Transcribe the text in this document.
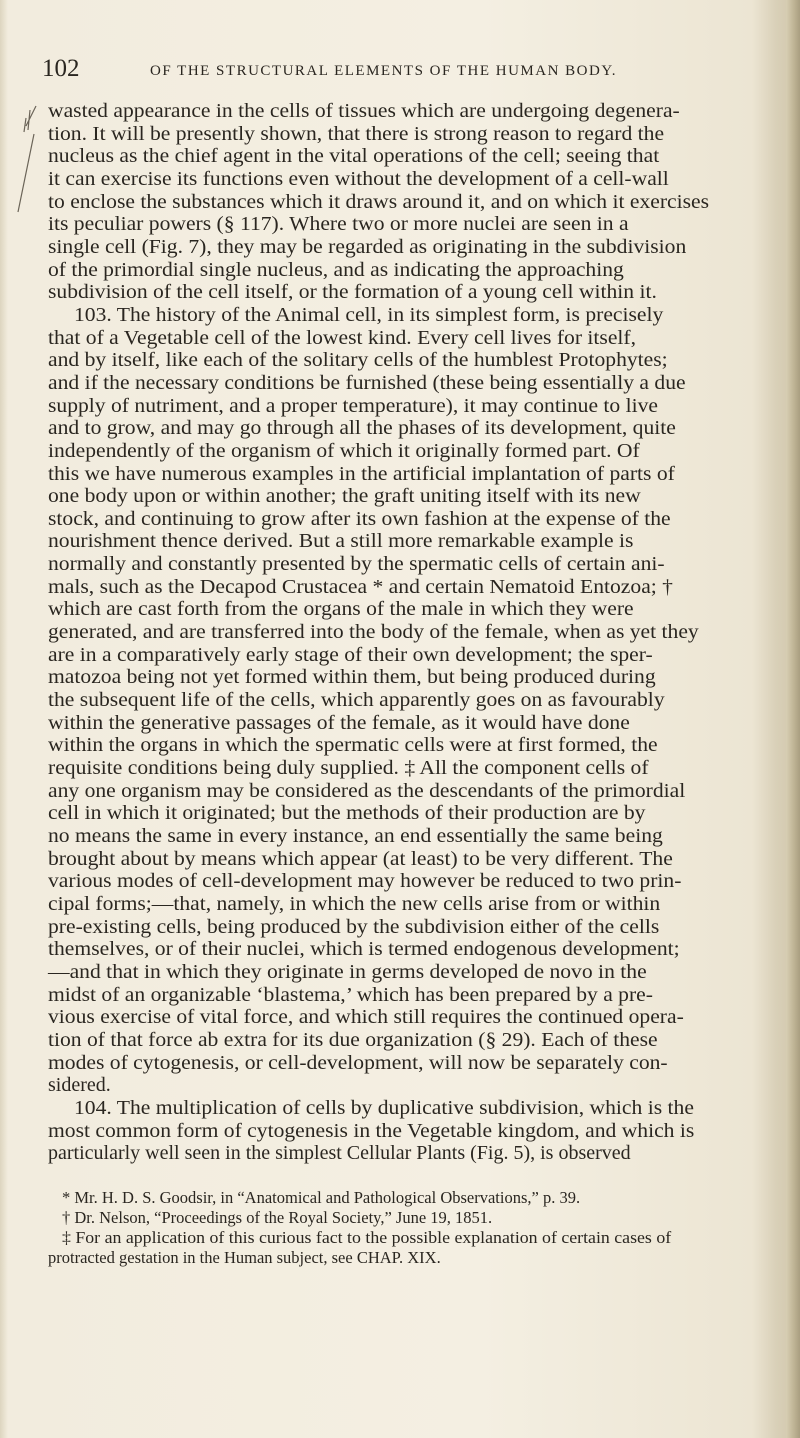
102	OF THE STRUCTURAL ELEMENTS OF THE HUMAN BODY.
wasted appearance in the cells of tissues which are undergoing degenera-
tion. It will be presently shown, that there is strong reason to regard the
nucleus as the chief agent in the vital operations of the cell; seeing that
it can exercise its functions even without the development of a cell-wall
to enclose the substances which it draws around it, and on which it exercises
its peculiar powers (§ 117). Where two or more nuclei are seen in a
single cell (Fig. 7), they may be regarded as originating in the subdivision
of the primordial single nucleus, and as indicating the approaching
subdivision of the cell itself, or the formation of a young cell within it.
103. The history of the Animal cell, in its simplest form, is precisely
that of a Vegetable cell of the lowest kind. Every cell lives for itself,
and by itself, like each of the solitary cells of the humblest Protophytes;
and if the necessary conditions be furnished (these being essentially a due
supply of nutriment, and a proper temperature), it may continue to live
and to grow, and may go through all the phases of its development, quite
independently of the organism of which it originally formed part. Of
this we have numerous examples in the artificial implantation of parts of
one body upon or within another; the graft uniting itself with its new
stock, and continuing to grow after its own fashion at the expense of the
nourishment thence derived. But a still more remarkable example is
normally and constantly presented by the spermatic cells of certain ani-
mals, such as the Decapod Crustacea * and certain Nematoid Entozoa; †
which are cast forth from the organs of the male in which they were
generated, and are transferred into the body of the female, when as yet they
are in a comparatively early stage of their own development; the sper-
matozoa being not yet formed within them, but being produced during
the subsequent life of the cells, which apparently goes on as favourably
within the generative passages of the female, as it would have done
within the organs in which the spermatic cells were at first formed, the
requisite conditions being duly supplied. ‡ All the component cells of
any one organism may be considered as the descendants of the primordial
cell in which it originated; but the methods of their production are by
no means the same in every instance, an end essentially the same being
brought about by means which appear (at least) to be very different. The
various modes of cell-development may however be reduced to two prin-
cipal forms;—that, namely, in which the new cells arise from or within
pre-existing cells, being produced by the subdivision either of the cells
themselves, or of their nuclei, which is termed endogenous development;
—and that in which they originate in germs developed de novo in the
midst of an organizable ‘blastema,’ which has been prepared by a pre-
vious exercise of vital force, and which still requires the continued opera-
tion of that force ab extra for its due organization (§ 29). Each of these
modes of cytogenesis, or cell-development, will now be separately con-
sidered.
104. The multiplication of cells by duplicative subdivision, which is the
most common form of cytogenesis in the Vegetable kingdom, and which is
particularly well seen in the simplest Cellular Plants (Fig. 5), is observed
* Mr. H. D. S. Goodsir, in “Anatomical and Pathological Observations,” p. 39.
† Dr. Nelson, “Proceedings of the Royal Society,” June 19, 1851.
‡ For an application of this curious fact to the possible explanation of certain cases of
protracted gestation in the Human subject, see CHAP. XIX.
